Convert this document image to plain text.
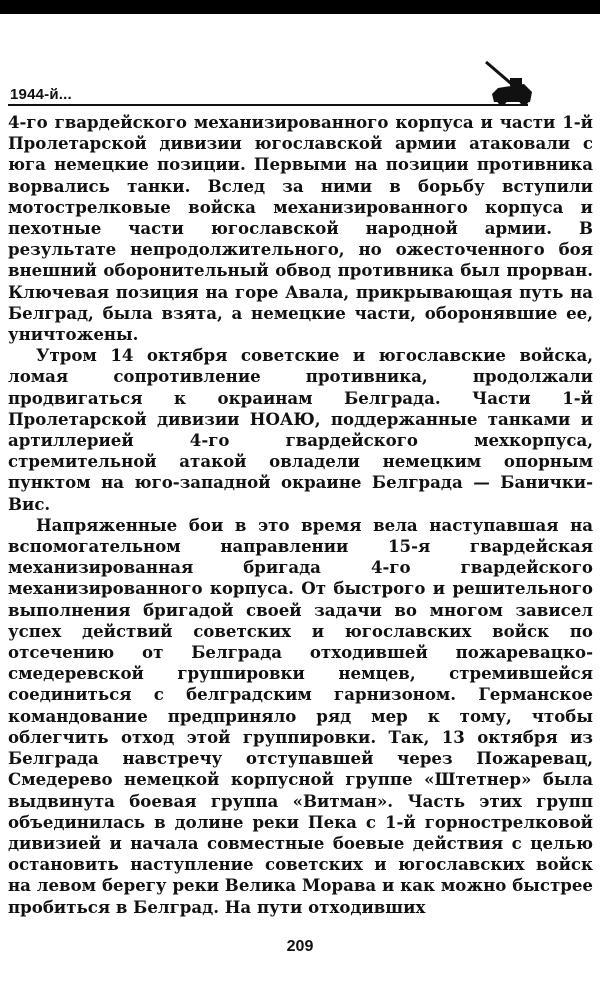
1944-й...

4-го гвардейского механизированного корпуса и части 1-й Пролетарской дивизии югославской армии атаковали с юга немецкие позиции. Первыми на позиции противника ворвались танки. Вслед за ними в борьбу вступили мотострелковые войска механизированного корпуса и пехотные части югославской народной армии. В результате непродолжительного, но ожесточенного боя внешний оборонительный обвод противника был прорван. Ключевая позиция на горе Авала, прикрывающая путь на Белград, была взята, а немецкие части, оборонявшие ее, уничтожены.

Утром 14 октября советские и югославские войска, ломая сопротивление противника, продолжали продвигаться к окраинам Белграда. Части 1-й Пролетарской дивизии НОАЮ, поддержанные танками и артиллерией 4-го гвардейского мехкорпуса, стремительной атакой овладели немецким опорным пунктом на юго-западной окраине Белграда — Банички-Вис.

Напряженные бои в это время вела наступавшая на вспомогательном направлении 15-я гвардейская механизированная бригада 4-го гвардейского механизированного корпуса. От быстрого и решительного выполнения бригадой своей задачи во многом зависел успех действий советских и югославских войск по отсечению от Белграда отходившей пожаревацко-смедеревской группировки немцев, стремившейся соединиться с белградским гарнизоном. Германское командование предприняло ряд мер к тому, чтобы облегчить отход этой группировки. Так, 13 октября из Белграда навстречу отступавшей через Пожаревац, Смедерево немецкой корпусной группе «Штетнер» была выдвинута боевая группа «Витман». Часть этих групп объединилась в долине реки Пека с 1-й горнострелковой дивизией и начала совместные боевые действия с целью остановить наступление советских и югославских войск на левом берегу реки Велика Морава и как можно быстрее пробиться в Белград. На пути отходивших

209
